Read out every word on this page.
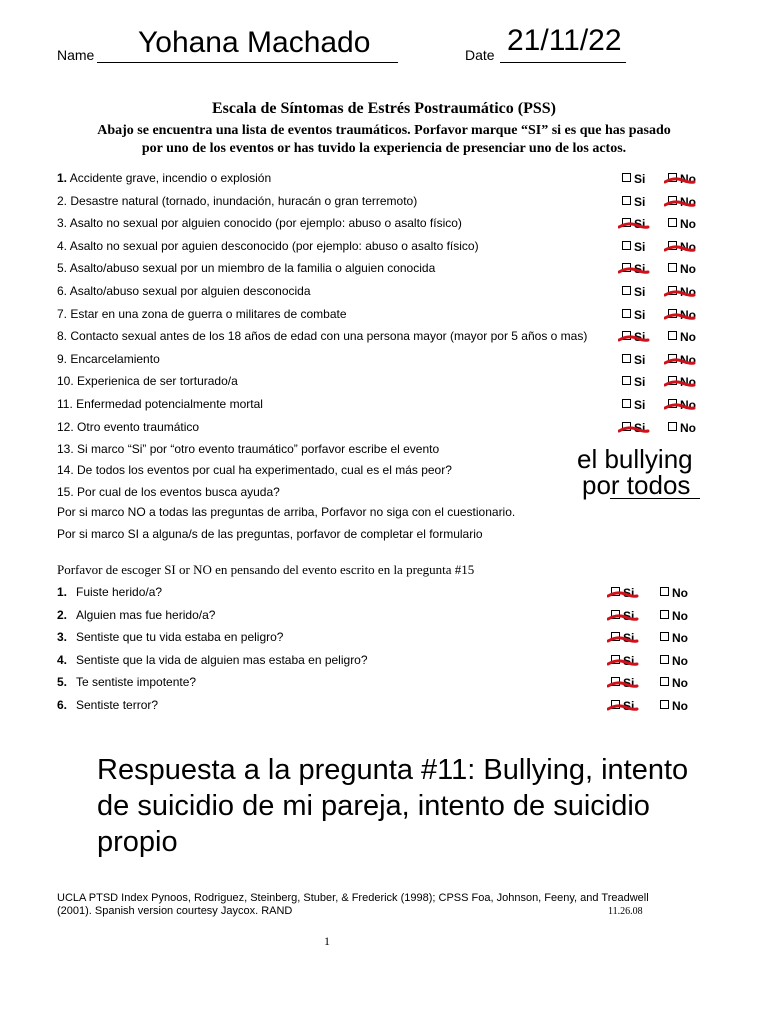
Name Yohana Machado	Date 21/11/22
Escala de Síntomas de Estrés Postraumático (PSS)
Abajo se encuentra una lista de eventos traumáticos. Porfavor marque “SI” si es que has pasado
por uno de los eventos or has tuvido la experiencia de presenciar uno de los actos.
1. Accidente grave, incendio o explosión	Si	No
2. Desastre natural (tornado, inundación, huracán o gran terremoto)	Si	No
3. Asalto no sexual por alguien conocido (por ejemplo: abuso o asalto físico)	Si	No
4. Asalto no sexual por aguien desconocido (por ejemplo: abuso o asalto físico)	Si	No
5. Asalto/abuso sexual por un miembro de la familia o alguien conocida	Si	No
6. Asalto/abuso sexual por alguien desconocida	Si	No
7. Estar en una zona de guerra o militares de combate	Si	No
8. Contacto sexual antes de los 18 años de edad con una persona mayor (mayor por 5 años o mas)	Si	No
9. Encarcelamiento	Si	No
10. Experienica de ser torturado/a	Si	No
11. Enfermedad potencialmente mortal	Si	No
12. Otro evento traumático	Si	No
13. Si marco “Si” por “otro evento traumático” porfavor escribe el evento
14. De todos los eventos por cual ha experimentado, cual es el más peor?
15. Por cual de los eventos busca ayuda?
el bullying
por todos
Por si marco NO a todas las preguntas de arriba, Porfavor no siga con el cuestionario.
Por si marco SI a alguna/s de las preguntas, porfavor de completar el formulario
Porfavor de escoger SI or NO en pensando del evento escrito en la pregunta #15
1. Fuiste herido/a?	Si	No
2. Alguien mas fue herido/a?	Si	No
3. Sentiste que tu vida estaba en peligro?	Si	No
4. Sentiste que la vida de alguien mas estaba en peligro?	Si	No
5. Te sentiste impotente?	Si	No
6. Sentiste terror?	Si	No
Respuesta a la pregunta #11: Bullying, intento de suicidio de mi pareja, intento de suicidio propio
UCLA PTSD Index Pynoos, Rodriguez, Steinberg, Stuber, & Frederick (1998); CPSS Foa, Johnson, Feeny, and Treadwell (2001). Spanish version courtesy Jaycox. RAND	11.26.08
1
